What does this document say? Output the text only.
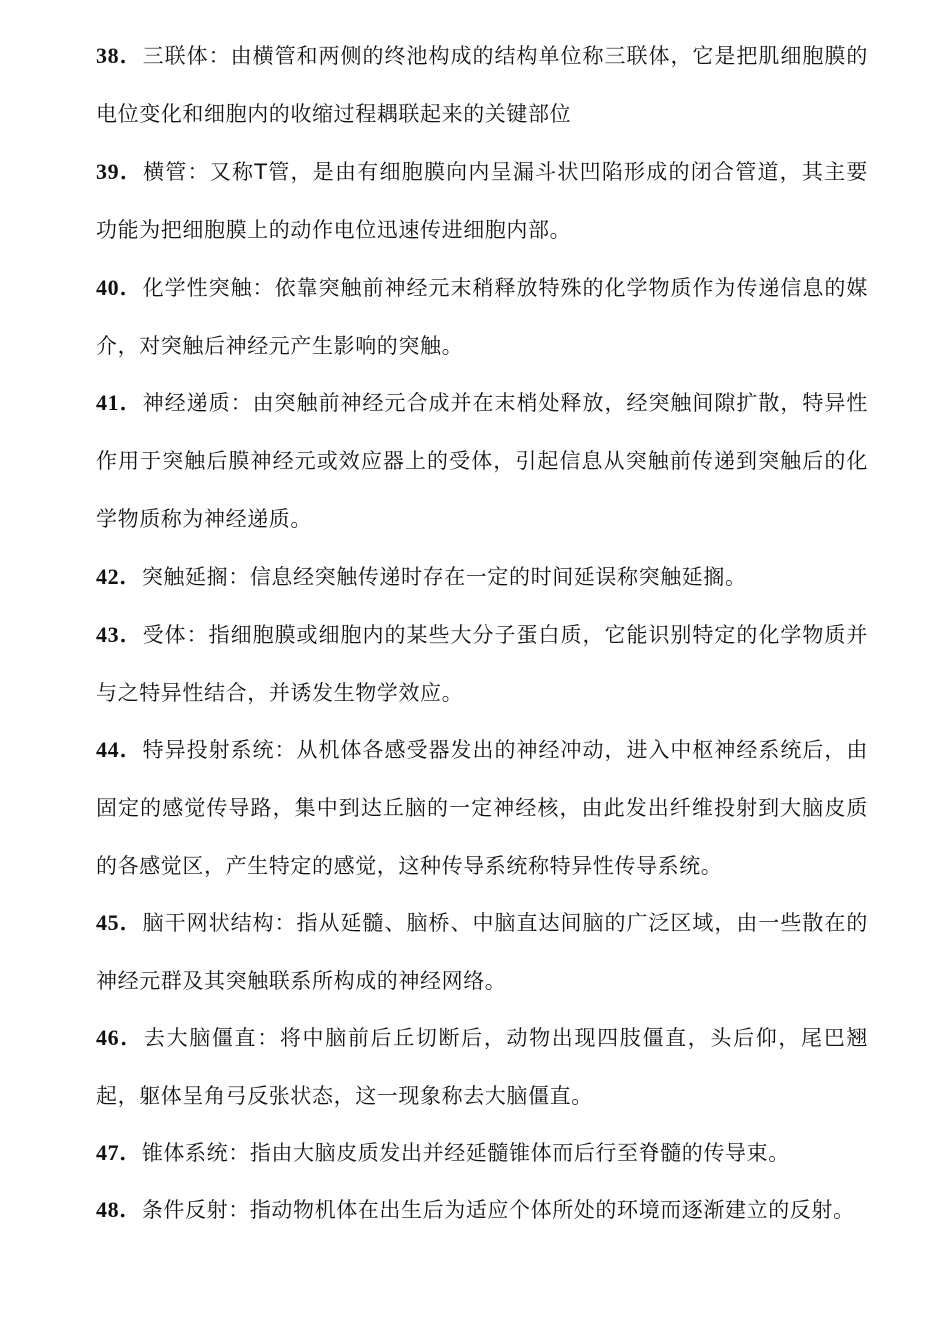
38．三联体：由横管和两侧的终池构成的结构单位称三联体，它是把肌细胞膜的电位变化和细胞内的收缩过程耦联起来的关键部位

39．横管：又称T管，是由有细胞膜向内呈漏斗状凹陷形成的闭合管道，其主要功能为把细胞膜上的动作电位迅速传进细胞内部。

40．化学性突触：依靠突触前神经元末稍释放特殊的化学物质作为传递信息的媒介，对突触后神经元产生影响的突触。

41．神经递质：由突触前神经元合成并在末梢处释放，经突触间隙扩散，特异性作用于突触后膜神经元或效应器上的受体，引起信息从突触前传递到突触后的化学物质称为神经递质。

42．突触延搁：信息经突触传递时存在一定的时间延误称突触延搁。

43．受体：指细胞膜或细胞内的某些大分子蛋白质，它能识别特定的化学物质并与之特异性结合，并诱发生物学效应。

44．特异投射系统：从机体各感受器发出的神经冲动，进入中枢神经系统后，由固定的感觉传导路，集中到达丘脑的一定神经核，由此发出纤维投射到大脑皮质的各感觉区，产生特定的感觉，这种传导系统称特异性传导系统。

45．脑干网状结构：指从延髓、脑桥、中脑直达间脑的广泛区域，由一些散在的神经元群及其突触联系所构成的神经网络。

46．去大脑僵直：将中脑前后丘切断后，动物出现四肢僵直，头后仰，尾巴翘起，躯体呈角弓反张状态，这一现象称去大脑僵直。

47．锥体系统：指由大脑皮质发出并经延髓锥体而后行至脊髓的传导束。

48．条件反射：指动物机体在出生后为适应个体所处的环境而逐渐建立的反射。
